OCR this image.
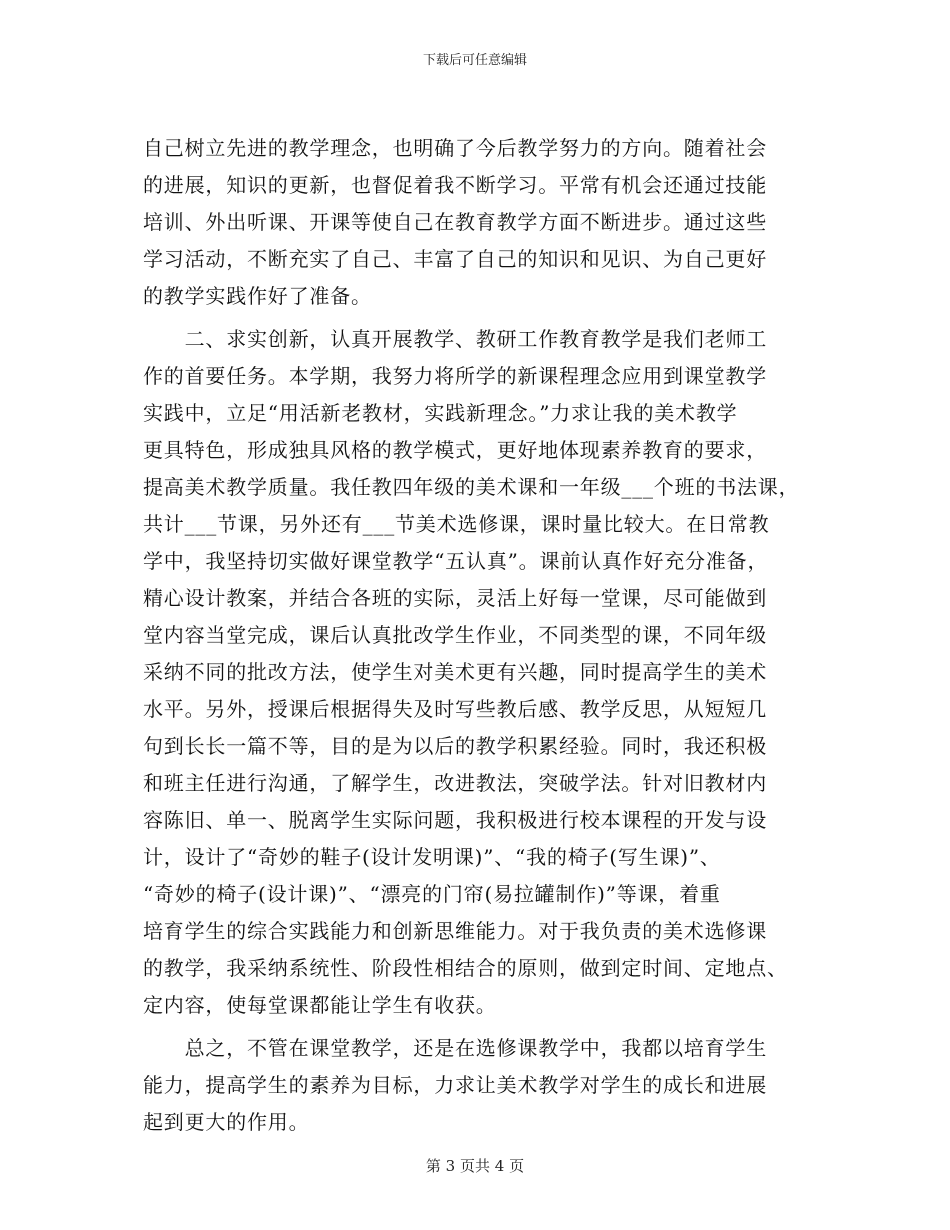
下载后可任意编辑
自己树立先进的教学理念，也明确了今后教学努力的方向。随着社会
的进展，知识的更新，也督促着我不断学习。平常有机会还通过技能
培训、外出听课、开课等使自己在教育教学方面不断进步。通过这些
学习活动，不断充实了自己、丰富了自己的知识和见识、为自己更好
的教学实践作好了准备。
　　二、求实创新，认真开展教学、教研工作教育教学是我们老师工
作的首要任务。本学期，我努力将所学的新课程理念应用到课堂教学
实践中，立足“用活新老教材，实践新理念。”力求让我的美术教学
更具特色，形成独具风格的教学模式，更好地体现素养教育的要求，
提高美术教学质量。我任教四年级的美术课和一年级___个班的书法课，
共计___节课，另外还有___节美术选修课，课时量比较大。在日常教
学中，我坚持切实做好课堂教学“五认真”。课前认真作好充分准备，
精心设计教案，并结合各班的实际，灵活上好每一堂课，尽可能做到
堂内容当堂完成，课后认真批改学生作业，不同类型的课，不同年级
采纳不同的批改方法，使学生对美术更有兴趣，同时提高学生的美术
水平。另外，授课后根据得失及时写些教后感、教学反思，从短短几
句到长长一篇不等，目的是为以后的教学积累经验。同时，我还积极
和班主任进行沟通，了解学生，改进教法，突破学法。针对旧教材内
容陈旧、单一、脱离学生实际问题，我积极进行校本课程的开发与设
计，设计了“奇妙的鞋子(设计发明课)”、“我的椅子(写生课)”、
“奇妙的椅子(设计课)”、“漂亮的门帘(易拉罐制作)”等课，着重
培育学生的综合实践能力和创新思维能力。对于我负责的美术选修课
的教学，我采纳系统性、阶段性相结合的原则，做到定时间、定地点、
定内容，使每堂课都能让学生有收获。
　　总之，不管在课堂教学，还是在选修课教学中，我都以培育学生
能力，提高学生的素养为目标，力求让美术教学对学生的成长和进展
起到更大的作用。
第 3 页共 4 页
